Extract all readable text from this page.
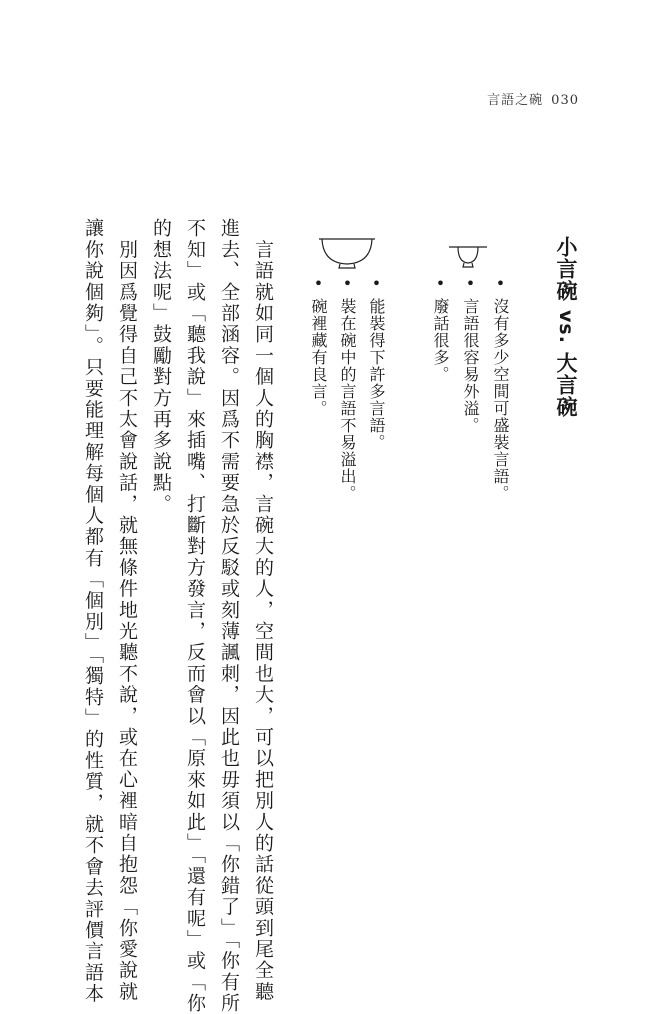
言語之碗 030
小言碗vs.大言碗
•沒有多少空間可盛裝言語。
•言語很容易外溢。
•廢話很多。
•能裝得下許多言語。
•裝在碗中的言語不易溢出。
•碗裡藏有良言。
　言語就如同一個人的胸襟，言碗大的人，空間也大，可以把別人的話從頭到尾全聽
進去、全部涵容。因爲不需要急於反駁或刻薄諷刺，因此也毋須以「你錯了」「你有所
不知」或「聽我說」來插嘴、打斷對方發言，反而會以「原來如此」「還有呢」或「你
的想法呢」鼓勵對方再多說點。
　別因爲覺得自己不太會說話，就無條件地光聽不說，或在心裡暗自抱怨「你愛說就
讓你說個夠」。只要能理解每個人都有「個別」「獨特」的性質，就不會去評價言語本
